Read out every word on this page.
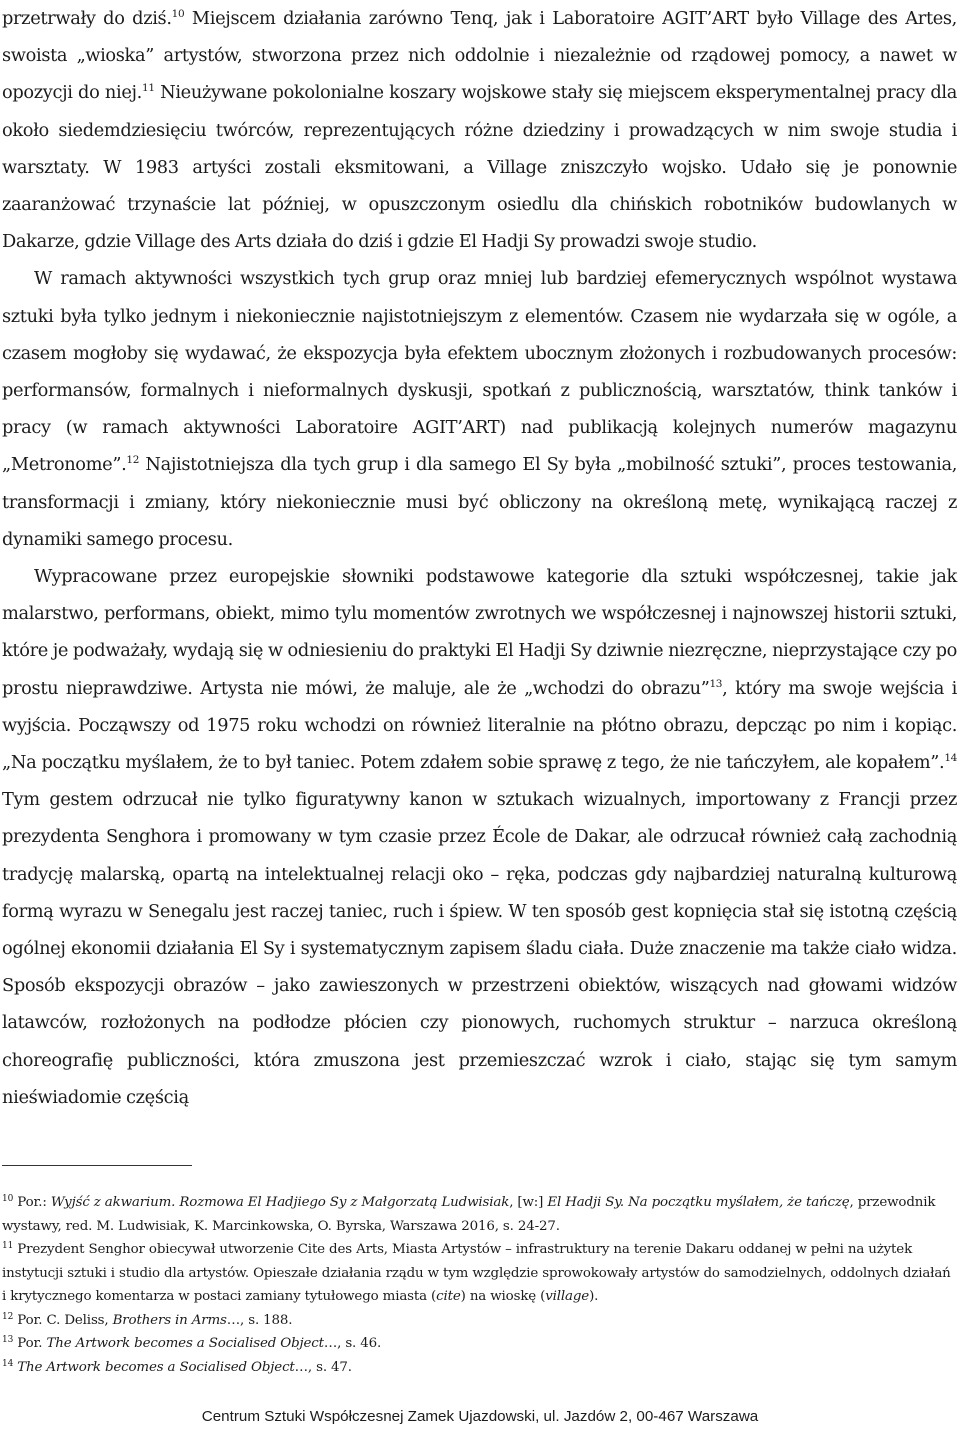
przetrwały do dziś.$^{10}$ Miejscem działania zarówno Tenq, jak i Laboratoire AGIT’ART było Village des Artes, swoista „wioska” artystów, stworzona przez nich oddolnie i niezależnie od rządowej pomocy, a nawet w opozycji do niej.$^{11}$ Nieużywane pokolonialne koszary wojskowe stały się miejscem eksperymentalnej pracy dla około siedemdziesięciu twórców, reprezentujących różne dziedziny i prowadzących w nim swoje studia i warsztaty. W 1983 artyści zostali eksmitowani, a Village zniszczyło wojsko. Udało się je ponownie zaaranżować trzynaście lat później, w opuszczonym osiedlu dla chińskich robotników budowlanych w Dakarze, gdzie Village des Arts działa do dziś i gdzie El Hadji Sy prowadzi swoje studio.

W ramach aktywności wszystkich tych grup oraz mniej lub bardziej efemerycznych wspólnot wystawa sztuki była tylko jednym i niekoniecznie najistotniejszym z elementów. Czasem nie wydarzała się w ogóle, a czasem mogłoby się wydawać, że ekspozycja była efektem ubocznym złożonych i rozbudowanych procesów: performansów, formalnych i nieformalnych dyskusji, spotkań z publicznością, warsztatów, think tanków i pracy (w ramach aktywności Laboratoire AGIT’ART) nad publikacją kolejnych numerów magazynu „Metronome”.$^{12}$ Najistotniejsza dla tych grup i dla samego El Sy była „mobilność sztuki”, proces testowania, transformacji i zmiany, który niekoniecznie musi być obliczony na określoną metę, wynikającą raczej z dynamiki samego procesu.

Wypracowane przez europejskie słowniki podstawowe kategorie dla sztuki współczesnej, takie jak malarstwo, performans, obiekt, mimo tylu momentów zwrotnych we współczesnej i najnowszej historii sztuki, które je podważały, wydają się w odniesieniu do praktyki El Hadji Sy dziwnie niezręczne, nieprzystające czy po prostu nieprawdziwe. Artysta nie mówi, że maluje, ale że „wchodzi do obrazu”$^{13}$, który ma swoje wejścia i wyjścia. Począwszy od 1975 roku wchodzi on również literalnie na płótno obrazu, depcząc po nim i kopiąc. „Na początku myślałem, że to był taniec. Potem zdałem sobie sprawę z tego, że nie tańczyłem, ale kopałem”.$^{14}$ Tym gestem odrzucał nie tylko figuratywny kanon w sztukach wizualnych, importowany z Francji przez prezydenta Senghora i promowany w tym czasie przez École de Dakar, ale odrzucał również całą zachodnią tradycję malarską, opartą na intelektualnej relacji oko – ręka, podczas gdy najbardziej naturalną kulturową formą wyrazu w Senegalu jest raczej taniec, ruch i śpiew. W ten sposób gest kopnięcia stał się istotną częścią ogólnej ekonomii działania El Sy i systematycznym zapisem śladu ciała. Duże znaczenie ma także ciało widza. Sposób ekspozycji obrazów – jako zawieszonych w przestrzeni obiektów, wiszących nad głowami widzów latawców, rozłożonych na podłodze płócien czy pionowych, ruchomych struktur – narzuca określoną choreografię publiczności, która zmuszona jest przemieszczać wzrok i ciało, stając się tym samym nieświadomie częścią

$^{10}$ Por.: Wyjść z akwarium. Rozmowa El Hadjiego Sy z Małgorzatą Ludwisiak, [w:] El Hadji Sy. Na początku myślałem, że tańczę, przewodnik wystawy, red. M. Ludwisiak, K. Marcinkowska, O. Byrska, Warszawa 2016, s. 24-27.

$^{11}$ Prezydent Senghor obiecywał utworzenie Cite des Arts, Miasta Artystów – infrastruktury na terenie Dakaru oddanej w pełni na użytek instytucji sztuki i studio dla artystów. Opieszałe działania rządu w tym względzie sprowokowały artystów do samodzielnych, oddolnych działań i krytycznego komentarza w postaci zamiany tytułowego miasta (cite) na wioskę (village).

$^{12}$ Por. C. Deliss, Brothers in Arms…, s. 188.

$^{13}$ Por. The Artwork becomes a Socialised Object…, s. 46.

$^{14}$ The Artwork becomes a Socialised Object…, s. 47.

Centrum Sztuki Współczesnej Zamek Ujazdowski, ul. Jazdów 2, 00-467 Warszawa
